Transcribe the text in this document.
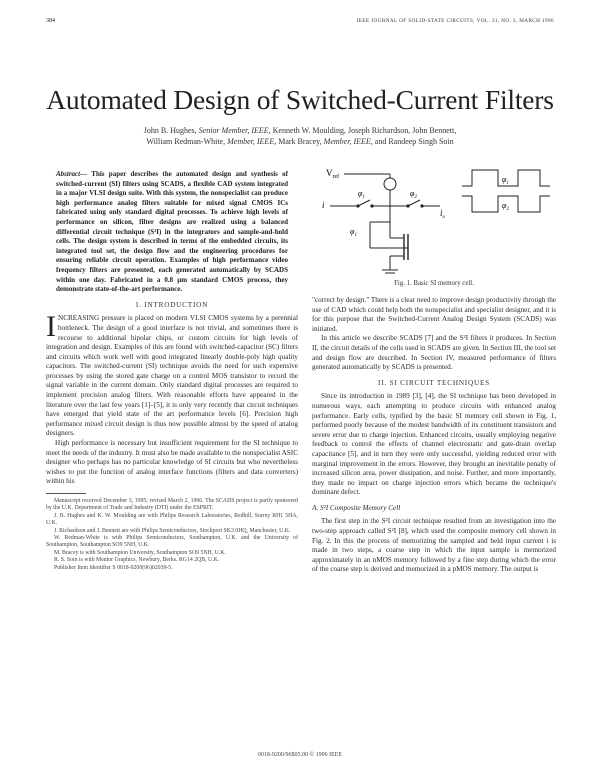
384	IEEE JOURNAL OF SOLID-STATE CIRCUITS, VOL. 31, NO. 3, MARCH 1996
Automated Design of Switched-Current Filters
John B. Hughes, Senior Member, IEEE, Kenneth W. Moulding, Joseph Richardson, John Bennett,
William Redman-White, Member, IEEE, Mark Bracey, Member, IEEE, and Randeep Singh Soin

Abstract— This paper describes the automated design and synthesis of switched-current (SI) filters using SCADS, a flexible CAD system integrated in a major VLSI design suite. With this system, the nonspecialist can produce high performance analog filters suitable for mixed signal CMOS ICs fabricated using only standard digital processes. To achieve high levels of performance on silicon, filter designs are realized using a balanced differential circuit technique (S²I) in the integrators and sample-and-hold cells. The design system is described in terms of the embedded circuits, its integrated tool set, the design flow and the engineering procedures for ensuring reliable circuit operation. Examples of high performance video frequency filters are presented, each generated automatically by SCADS within one day. Fabricated in a 0.8 µm standard CMOS process, they demonstrate state-of-the-art performance.

I. INTRODUCTION

INCREASING pressure is placed on modern VLSI CMOS systems by a perennial bottleneck. The design of a good interface is not trivial, and sometimes there is recourse to additional bipolar chips, or custom circuits for high levels of integration and design. Examples of this are found with switched-capacitor (SC) filters and circuits which work well with good integrated linearly double-poly high quality capacitors. The switched-current (SI) technique avoids the need for such expensive processes by using the stored gate charge on a control MOS transistor to record the signal variable in the current domain. Only standard digital processes are required to implement precision analog filters. With reasonable efforts have appeared in the literature over the last few years [1]–[5], it is only very recently that circuit techniques have emerged that yield state of the art performance levels [6]. Precision high performance mixed circuit design is thus now possible almost by the speed of analog designers.

High performance is necessary but insufficient requirement for the SI technique to meet the needs of the industry. It must also be made available to the nonspecialist ASIC designer who perhaps has no particular knowledge of SI circuits but who nevertheless wishes to put the function of analog interface functions (filters and data converters) within his

Manuscript received December 3, 1995; revised March 2, 1996. The SCADS project is partly sponsored by the U.K. Department of Trade and Industry (DTI) under the ESPRIT.

J. B. Hughes and K. W. Moulding are with Philips Research Laboratories, Redhill, Surrey RH1 5HA, U.K.

J. Richardson and J. Bennett are with Philips Semiconductors, Stockport SK3 0HQ, Manchester, U.K.

W. Redman-White is with Philips Semiconductors, Southampton, U.K. and the University of Southampton, Southampton SO9 5NH, U.K.

M. Bracey is with Southampton University, Southampton SO9 5NH, U.K.

R. S. Soin is with Mentor Graphics, Newbury, Berks. RG14 2QB, U.K.

Publisher Item Identifier S 0018-9200(96)02039-5.

$V_{ref}$
i
$\varphi_1$	$\varphi_2$
$i_o$
$\varphi_1$
$\varphi_1$
$\varphi_2$
Fig. 1. Basic SI memory cell.

"correct by design." There is a clear need to improve design productivity through the use of CAD which could help both the nonspecialist and specialist designer, and it is for this purpose that the Switched-Current Analog Design System (SCADS) was initiated.

In this article we describe SCADS [7] and the S²I filters it produces. In Section II, the circuit details of the cells used in SCADS are given. In Section III, the tool set and design flow are described. In Section IV, measured performance of filters generated automatically by SCADS is presented.

II. SI CIRCUIT TECHNIQUES

Since its introduction in 1989 [3], [4], the SI technique has been developed in numerous ways, each attempting to produce circuits with enhanced analog performance. Early cells, typified by the basic SI memory cell shown in Fig. 1, performed poorly because of the modest bandwidth of its constituent transistors and severe error due to charge injection. Enhanced circuits, usually employing negative feedback to control the effects of channel electrostatic and gate-drain overlap capacitance [5], and in turn they were only successful, yielding reduced error with marginal improvement in the errors. However, they brought an inevitable penalty of increased silicon area, power dissipation, and noise. Further, and more importantly, they made no impact on charge injection errors which became the technique's dominant defect.

A. S²I Composite Memory Cell

The first step in the S²I circuit technique resulted from an investigation into the two-step approach called S²I [8], which used the composite memory cell shown in Fig. 2. In this the process of memorizing the sampled and held input current i is made in two steps, a coarse step in which the input sample is memorized approximately in an nMOS memory followed by a fine step during which the error of the coarse step is derived and memorized in a pMOS memory. The output is

0018-9200/96$05.00 © 1996 IEEE
